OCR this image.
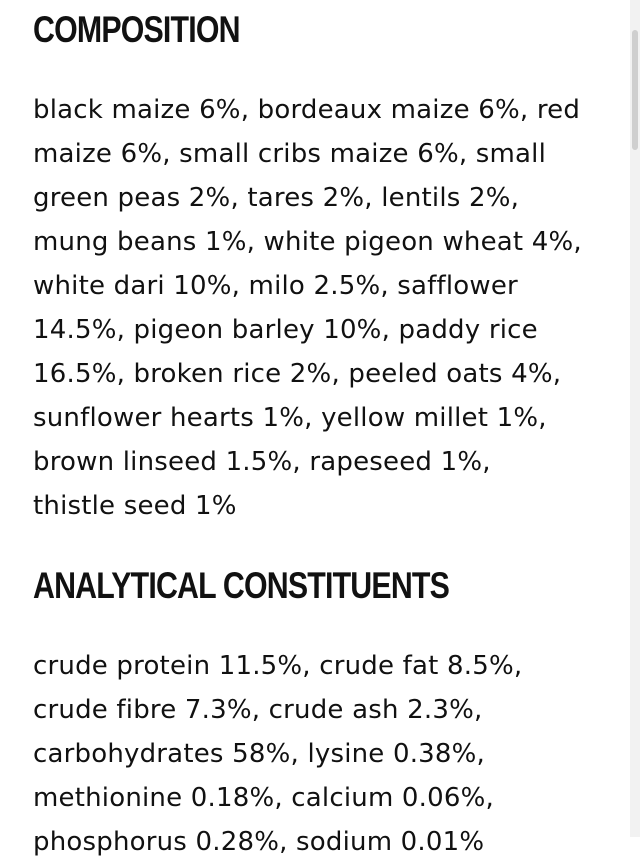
COMPOSITION

black maize 6%, bordeaux maize 6%, red
maize 6%, small cribs maize 6%, small
green peas 2%, tares 2%, lentils 2%,
mung beans 1%, white pigeon wheat 4%,
white dari 10%, milo 2.5%, safflower
14.5%, pigeon barley 10%, paddy rice
16.5%, broken rice 2%, peeled oats 4%,
sunflower hearts 1%, yellow millet 1%,
brown linseed 1.5%, rapeseed 1%,
thistle seed 1%

ANALYTICAL CONSTITUENTS

crude protein 11.5%, crude fat 8.5%,
crude fibre 7.3%, crude ash 2.3%,
carbohydrates 58%, lysine 0.38%,
methionine 0.18%, calcium 0.06%,
phosphorus 0.28%, sodium 0.01%
